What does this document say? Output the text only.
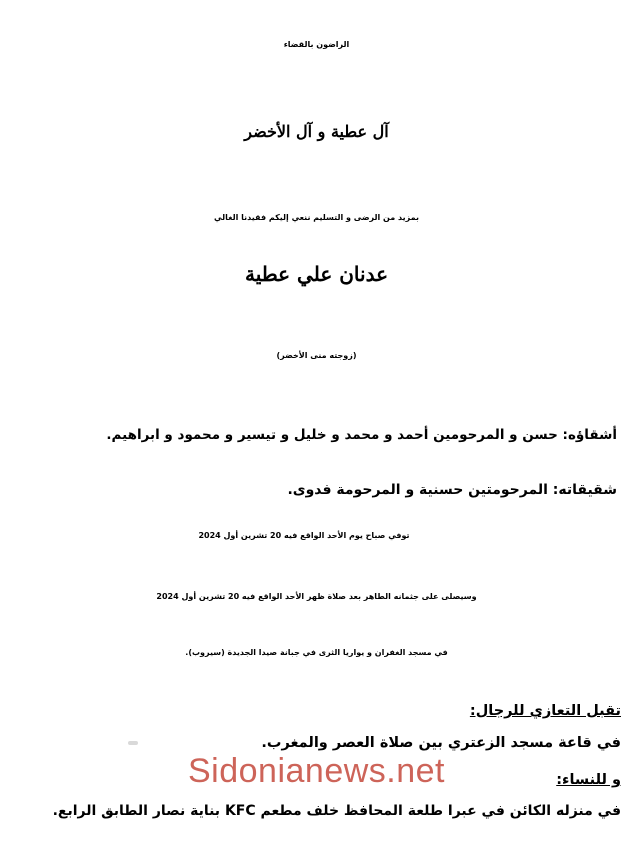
الراضون بالقضاء
آل عطية و آل الأخضر
بمزيد من الرضى و التسليم ننعي إليكم فقيدنا الغالي
عدنان علي عطية
(زوجته منى الأخضر)
أشقاؤه: حسن و المرحومين أحمد و محمد و خليل و تيسير و محمود و ابراهيم.
شقيقاته: المرحومتين حسنية و المرحومة فدوى.
توفي صباح يوم الأحد الواقع فيه 20 تشرين أول 2024
وسيصلى على جثمانه الطاهر بعد صلاة ظهر الأحد الواقع فيه 20 تشرين أول 2024
في مسجد الغفران و يواريا الثرى في جبانة صيدا الجديدة (سيروب).
تقبل التعازي للرجال:
في قاعة مسجد الزعتري بين صلاة العصر والمغرب.
و للنساء:
في منزله الكائن في عبرا طلعة المحافظ خلف مطعم KFC بناية نصار الطابق الرابع.
Sidonianews.net
